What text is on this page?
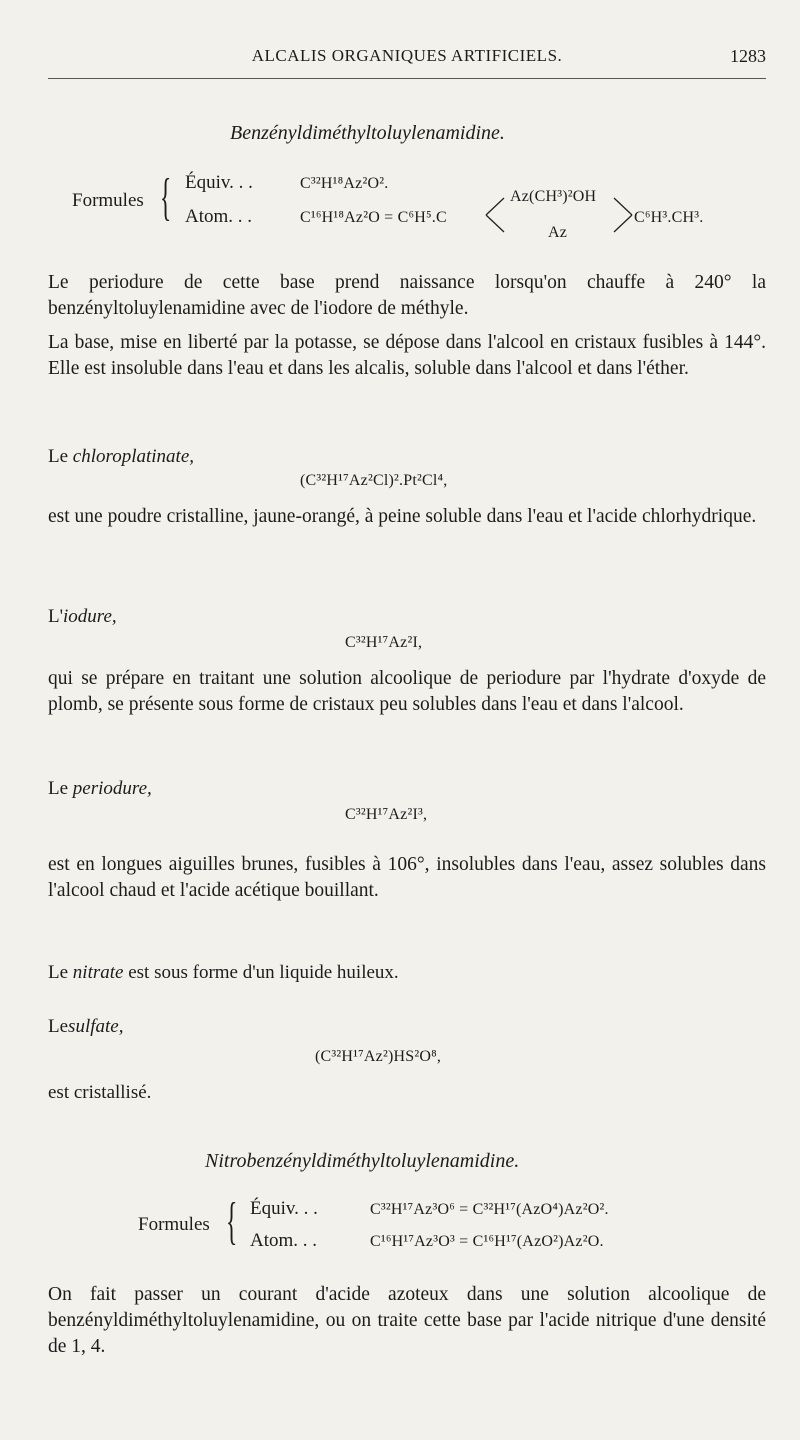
ALCALIS ORGANIQUES ARTIFICIELS.	1283
Benzényldiméthyltoluylenamidine.
Formules { Équiv. . .	C³²H¹⁸Az²O².
Atom. . .	C¹⁶H¹⁸Az²O = C⁶H⁵.C
Az(CH³)²OH
Az
C⁶H³.CH³.
Le periodure de cette base prend naissance lorsqu'on chauffe à 240° la benzényltoluylenamidine avec de l'iodore de méthyle.
La base, mise en liberté par la potasse, se dépose dans l'alcool en cristaux fusibles à 144°. Elle est insoluble dans l'eau et dans les alcalis, soluble dans l'alcool et dans l'éther.
Le chloroplatinate,
(C³²H¹⁷Az²Cl)².Pt²Cl⁴,
est une poudre cristalline, jaune-orangé, à peine soluble dans l'eau et l'acide chlorhydrique.
L'iodure,
C³²H¹⁷Az²I,
qui se prépare en traitant une solution alcoolique de periodure par l'hydrate d'oxyde de plomb, se présente sous forme de cristaux peu solubles dans l'eau et dans l'alcool.
Le periodure,
C³²H¹⁷Az²I³,
est en longues aiguilles brunes, fusibles à 106°, insolubles dans l'eau, assez solubles dans l'alcool chaud et l'acide acétique bouillant.
Le nitrate est sous forme d'un liquide huileux.
Lesulfate,
(C³²H¹⁷Az²)HS²O⁸,
est cristallisé.
Nitrobenzényldiméthyltoluylenamidine.
Formules { Équiv. . .	C³²H¹⁷Az³O⁶ = C³²H¹⁷(AzO⁴)Az²O².
Atom. . .	C¹⁶H¹⁷Az³O³ = C¹⁶H¹⁷(AzO²)Az²O.
On fait passer un courant d'acide azoteux dans une solution alcoolique de benzényldiméthyltoluylenamidine, ou on traite cette base par l'acide nitrique d'une densité de 1, 4.
